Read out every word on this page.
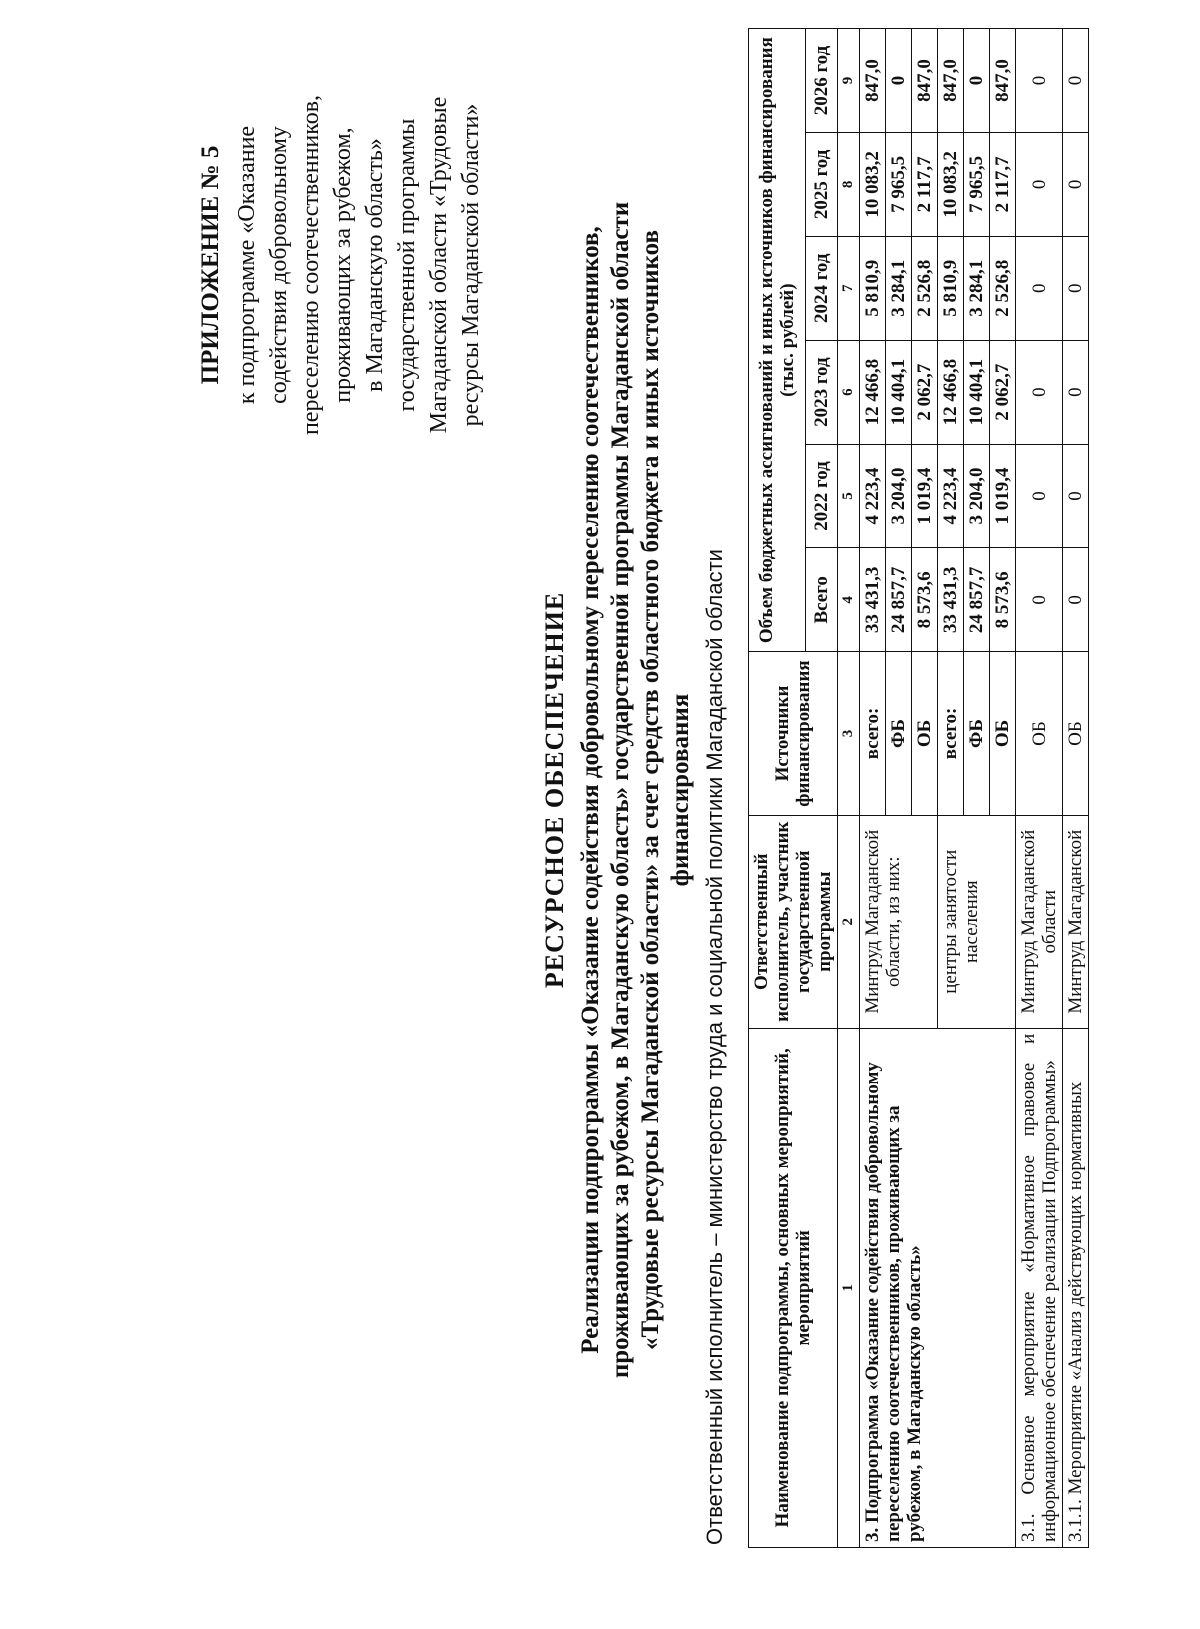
ПРИЛОЖЕНИЕ № 5 к подпрограмме «Оказание содействия добровольному переселению соотечественников, проживающих за рубежом, в Магаданскую область» государственной программы Магаданской области «Трудовые ресурсы Магаданской области»
РЕСУРСНОЕ ОБЕСПЕЧЕНИЕ Реализации подпрограммы «Оказание содействия добровольному переселению соотечественников, проживающих за рубежом, в Магаданскую область» государственной программы Магаданской области «Трудовые ресурсы Магаданской области» за счет средств областного бюджета и иных источников финансирования Ответственный исполнитель – министерство труда и социальной политики Магаданской области Наименование подпрограммы, основных мероприятий, мероприятий	Ответственный исполнитель, участник государственной программы	Источники финансирования	Объем бюджетных ассигнований и иных источников финансирования (тыс. рублей)					
			Всего	2022 год	2023 год	2024 год	2025 год	2026 год
1	2	3	4	5	6	7	8	9
3. Подпрограмма «Оказание содействия добровольному переселению соотечественников, проживающих за рубежом, в Магаданскую область»	Минтруд Магаданской области, из них:	всего:	33 431,3	4 223,4	12 466,8	5 810,9	10 083,2	847,0
		ФБ	24 857,7	3 204,0	10 404,1	3 284,1	7 965,5	0
		ОБ	8 573,6	1 019,4	2 062,7	2 526,8	2 117,7	847,0
	центры занятости населения	всего:	33 431,3	4 223,4	12 466,8	5 810,9	10 083,2	847,0
		ФБ	24 857,7	3 204,0	10 404,1	3 284,1	7 965,5	0
		ОБ	8 573,6	1 019,4	2 062,7	2 526,8	2 117,7	847,0
3.1. Основное мероприятие «Нормативное правовое и информационное обеспечение реализации Подпрограммы»	Минтруд Магаданской области	ОБ	0	0	0	0	0	0
3.1.1. Мероприятие «Анализ действующих нормативных	Минтруд Магаданской	ОБ	0	0	0	0	0	0
